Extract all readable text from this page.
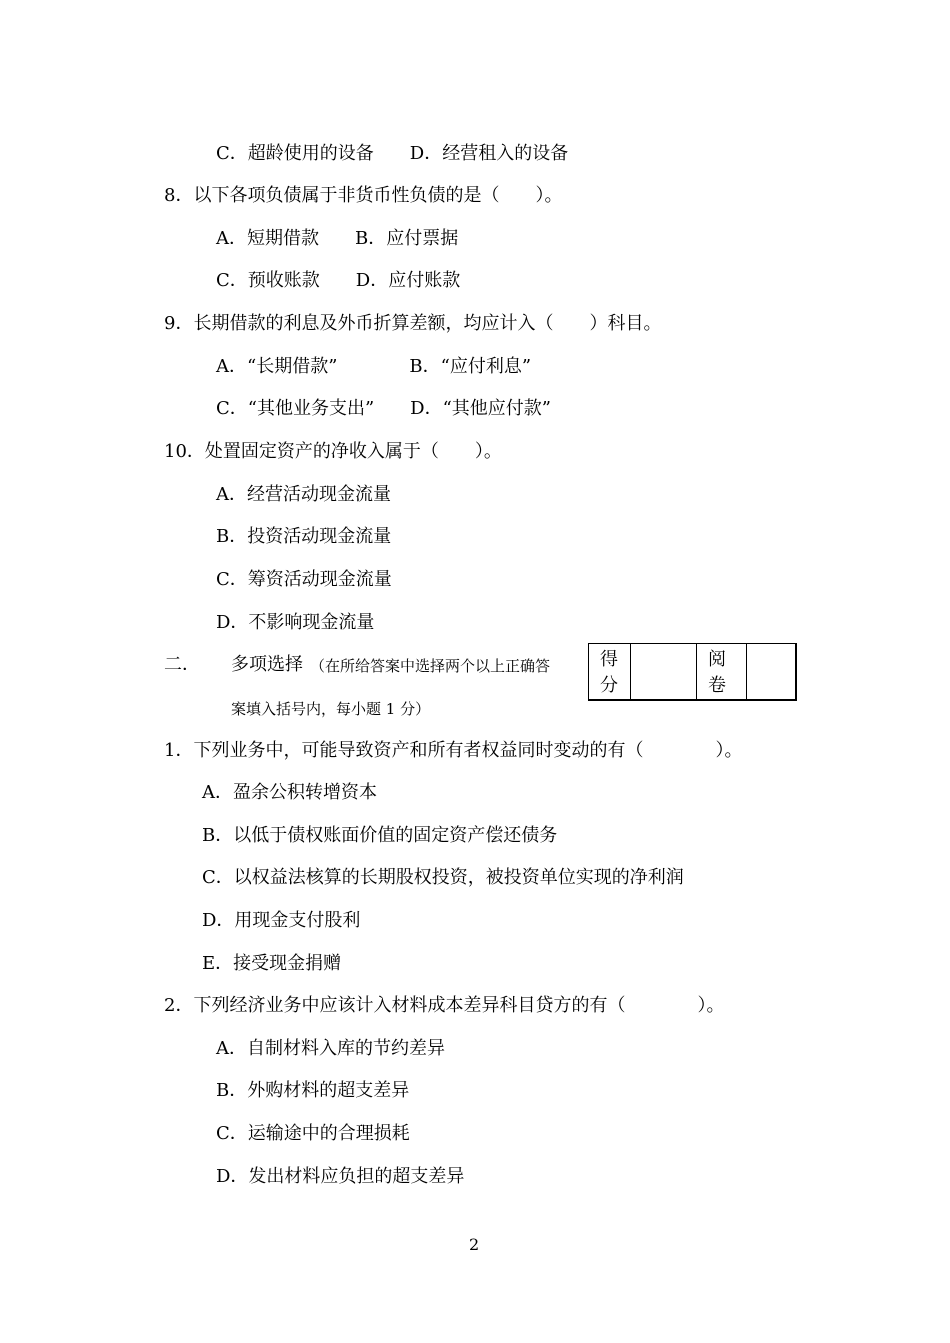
C．超龄使用的设备　　D．经营租入的设备
8．以下各项负债属于非货币性负债的是（　　）。
A．短期借款　　B．应付票据
C．预收账款　　D．应付账款
9．长期借款的利息及外币折算差额，均应计入（　　）科目。
A．“长期借款”　　　　B．“应付利息”
C．“其他业务支出”　　D．“其他应付款”
10．处置固定资产的净收入属于（　　）。
A．经营活动现金流量
B．投资活动现金流量
C．筹资活动现金流量
D．不影响现金流量
二． 多项选择 （在所给答案中选择两个以上正确答
案填入括号内，每小题 1 分）
得
分
阅
卷
1．下列业务中，可能导致资产和所有者权益同时变动的有（　　　　）。
A．盈余公积转增资本
B．以低于债权账面价值的固定资产偿还债务
C．以权益法核算的长期股权投资，被投资单位实现的净利润
D．用现金支付股利
E．接受现金捐赠
2．下列经济业务中应该计入材料成本差异科目贷方的有（　　　　）。
A．自制材料入库的节约差异
B．外购材料的超支差异
C．运输途中的合理损耗
D．发出材料应负担的超支差异
2
